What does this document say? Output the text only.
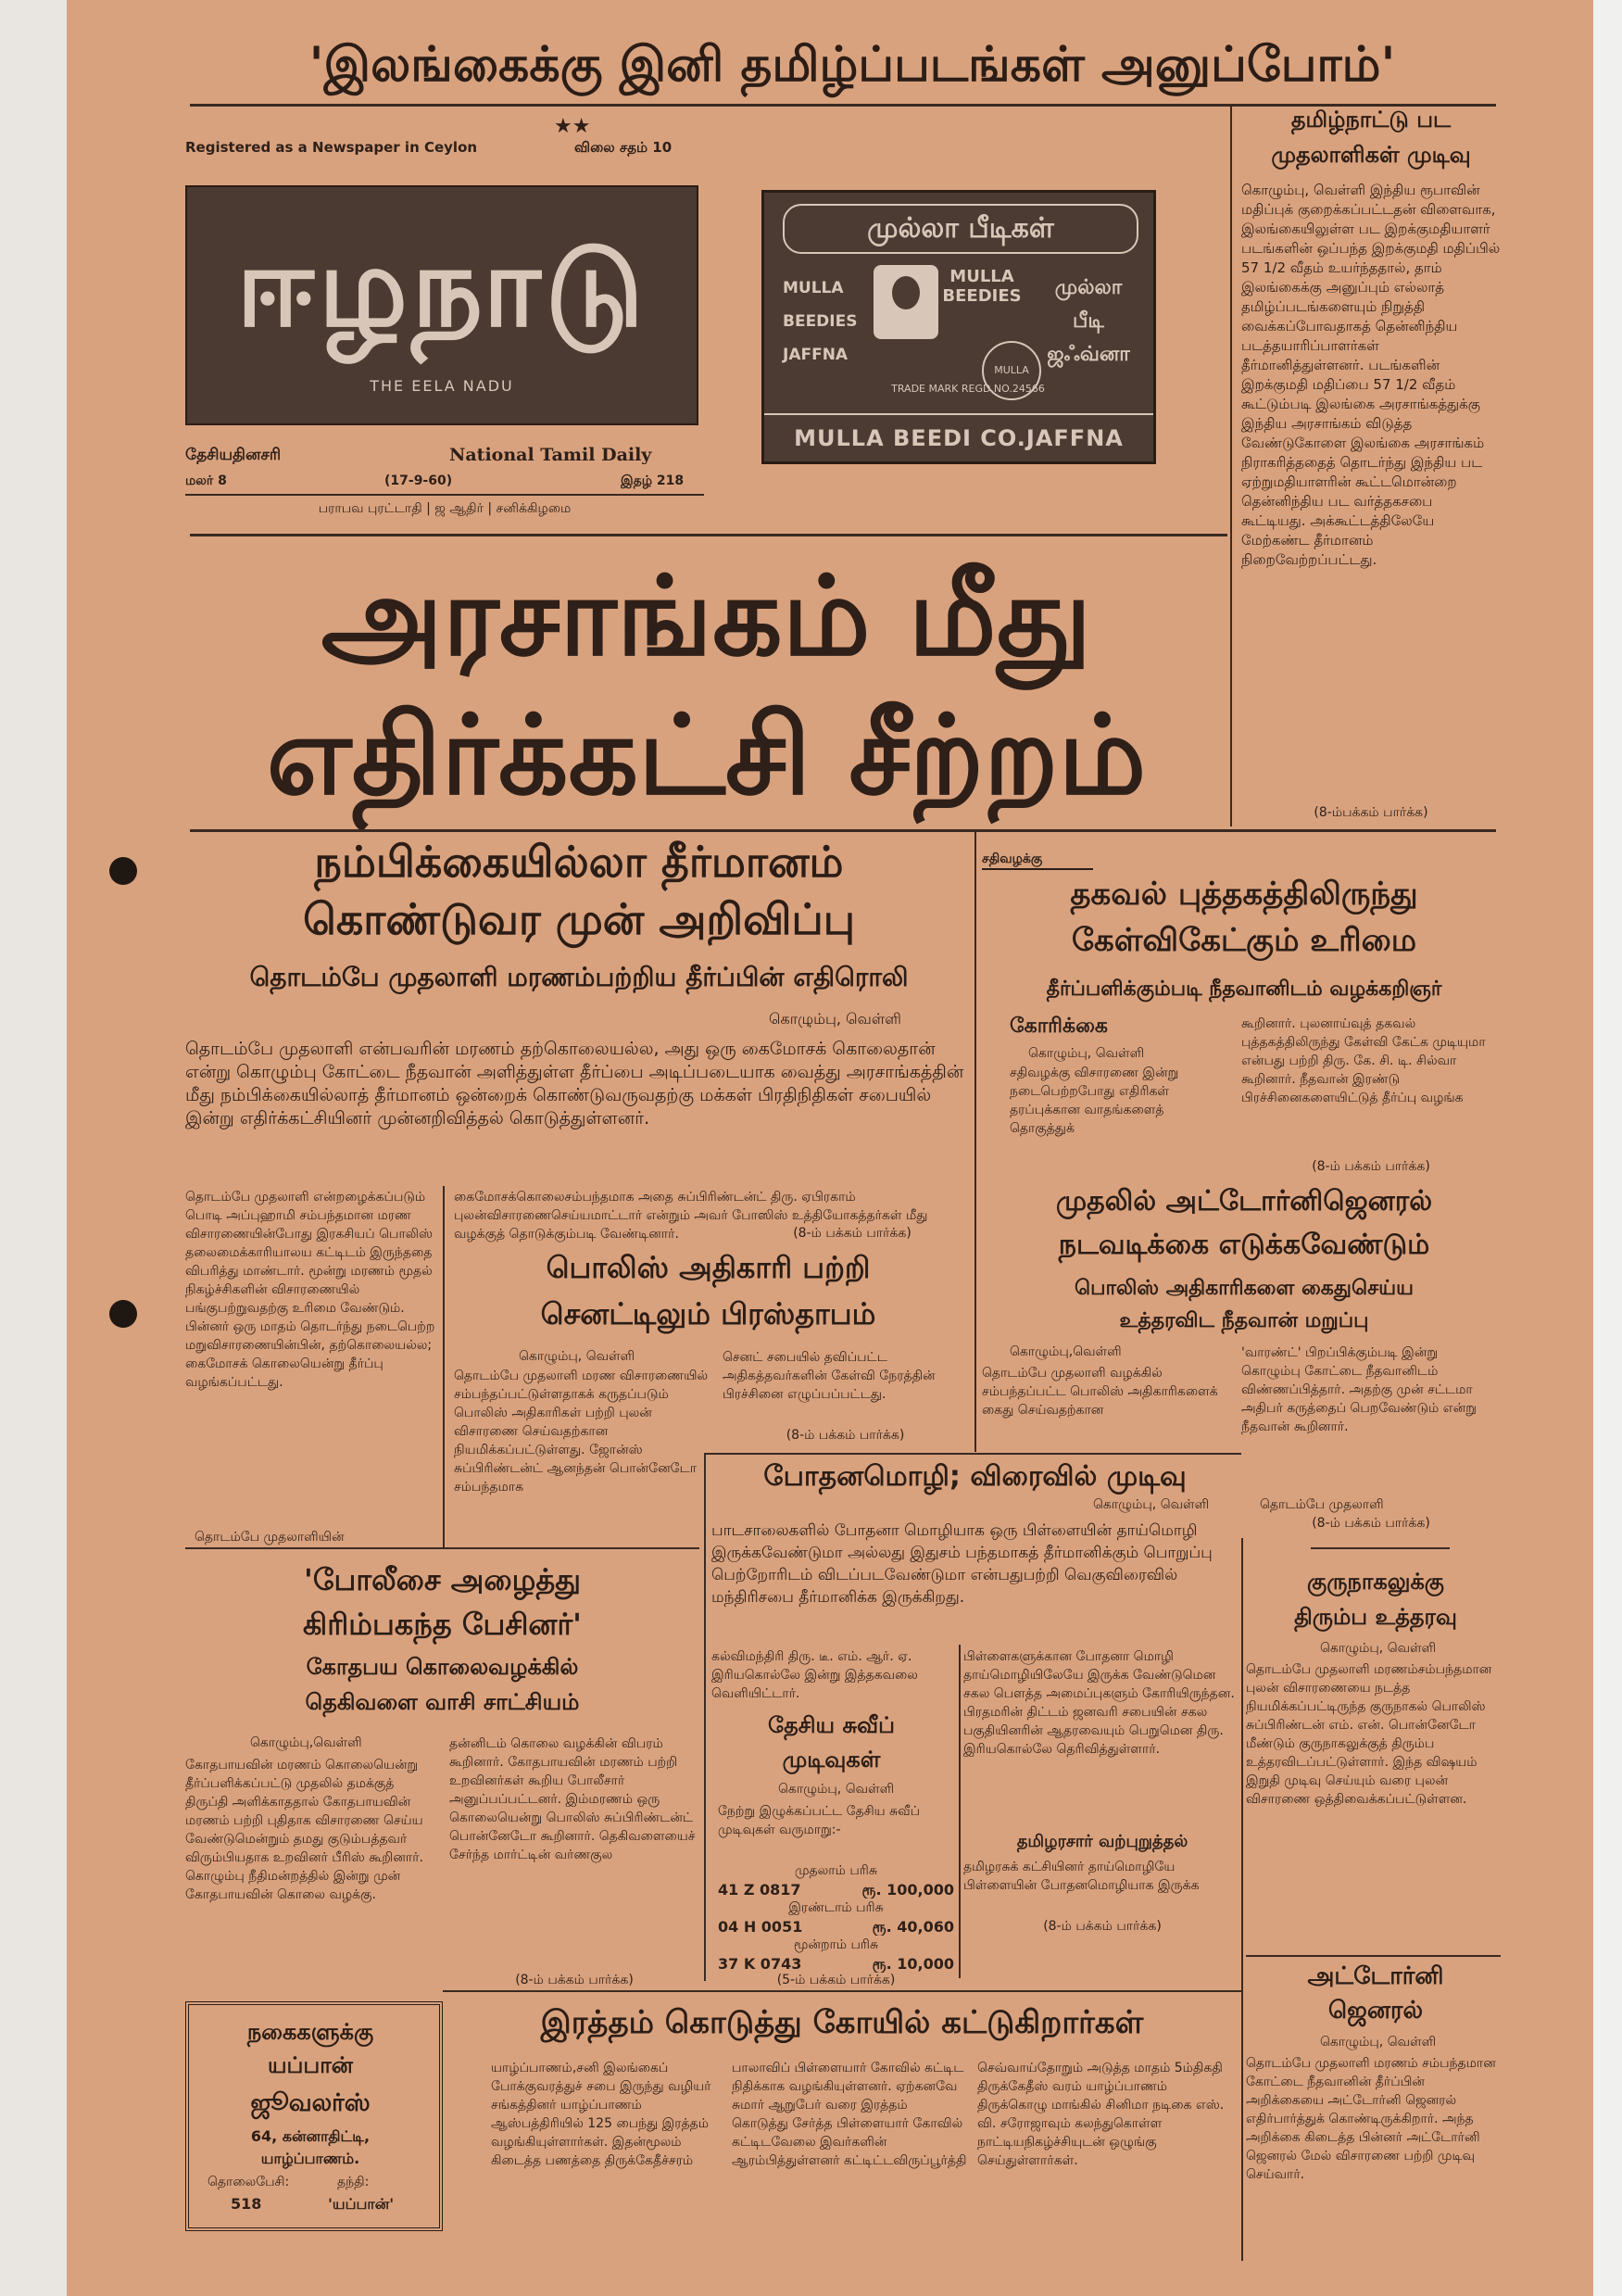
'இலங்கைக்கு இனி தமிழ்ப்படங்கள் அனுப்போம்'
Registered as a Newspaper in Ceylon
★★
விலை சதம் 10
ஈழநாடு
THE EELA NADU
தேசியதினசரி	National Tamil Daily
மலர் 8	(17-9-60)	இதழ் 218
பராபவ புரட்டாதி | ஜ ஆதிர் | சனிக்கிழமை
முல்லா பீடிகள்
MULLA
BEEDIES
JAFFNA
MULLA BEEDIES
MULLA
TRADE MARK REGD.NO.24566
முல்லா
பீடி
ஜஃவ்னா
MULLA BEEDI CO.JAFFNA
தமிழ்நாட்டு பட
முதலாளிகள் முடிவு
கொழும்பு, வெள்ளி இந்திய ரூபாவின் மதிப்புக் குறைக்கப்பட்டதன் விளைவாக, இலங்கையிலுள்ள பட இறக்குமதியாளர் படங்களின் ஒப்பந்த இறக்குமதி மதிப்பில் 57 1/2 வீதம் உயர்ந்ததால், தாம் இலங்கைக்கு அனுப்பும் எல்லாத் தமிழ்ப்படங்களையும் நிறுத்தி வைக்கப்போவதாகத் தென்னிந்திய படத்தயாரிப்பாளர்கள் தீர்மானித்துள்ளனர். படங்களின் இறக்குமதி மதிப்பை 57 1/2 வீதம் கூட்டும்படி இலங்கை அரசாங்கத்துக்கு இந்திய அரசாங்கம் விடுத்த வேண்டுகோளை இலங்கை அரசாங்கம் நிராகரித்ததைத் தொடர்ந்து இந்திய பட ஏற்றுமதியாளரின் கூட்டமொன்றை தென்னிந்திய பட வர்த்தகசபை கூட்டியது. அக்கூட்டத்திலேயே மேற்கண்ட தீர்மானம் நிறைவேற்றப்பட்டது.
(8-ம்பக்கம் பார்க்க)
அரசாங்கம் மீது
எதிர்க்கட்சி சீற்றம்
நம்பிக்கையில்லா தீர்மானம்
கொண்டுவர முன் அறிவிப்பு
தொடம்பே முதலாளி மரணம்பற்றிய தீர்ப்பின் எதிரொலி
கொழும்பு, வெள்ளி
தொடம்பே முதலாளி என்பவரின் மரணம் தற்கொலையல்ல, அது ஒரு கைமோசக் கொலைதான் என்று கொழும்பு கோட்டை நீதவான் அளித்துள்ள தீர்ப்பை அடிப்படையாக வைத்து அரசாங்கத்தின் மீது நம்பிக்கையில்லாத் தீர்மானம் ஒன்றைக் கொண்டுவருவதற்கு மக்கள் பிரதிநிதிகள் சபையில் இன்று எதிர்க்கட்சியினர் முன்னறிவித்தல் கொடுத்துள்ளனர்.
தொடம்பே முதலாளி என்றழைக்கப்படும் பொடி அப்புஹாமி சம்பந்தமான மரண விசாரணையின்போது இரகசியப் பொலிஸ் தலைமைக்காரியாலய கட்டிடம் இருந்ததை விபரித்து மாண்டார். மூன்று மரணம் மூதல் நிகழ்ச்சிகளின் விசாரணையில் பங்குபற்றுவதற்கு உரிமை வேண்டும். பின்னர் ஒரு மாதம் தொடர்ந்து நடைபெற்ற மறுவிசாரணையின்பின், தற்கொலையல்ல; கைமோசக் கொலையென்று தீர்ப்பு வழங்கப்பட்டது.
தொடம்பே முதலாளியின்
கைமோசக்கொலைசம்பந்தமாக அதை சுப்பிரிண்டன்ட் திரு. ஏபிரகாம் புலன்விசாரணைசெய்யமாட்டார் என்றும் அவர் போஸிஸ் உத்தியோகத்தர்கள் மீது வழக்குத் தொடுக்கும்படி வேண்டினார்.	(8-ம் பக்கம் பார்க்க)
பொலிஸ் அதிகாரி பற்றி
செனட்டிலும் பிரஸ்தாபம்
கொழும்பு, வெள்ளி
தொடம்பே முதலாளி மரண விசாரணையில் சம்பந்தப்பட்டுள்ளதாகக் கருதப்படும் பொலிஸ் அதிகாரிகள் பற்றி புலன் விசாரணை செய்வதற்கான நியமிக்கப்பட்டுள்ளது. ஜோன்ஸ் சுப்பிரிண்டன்ட் ஆனந்தன் பொன்னேடோ சம்பந்தமாக
செனட் சபையில் தவிப்பட்ட அதிகத்தவர்களின் கேள்வி நேரத்தின் பிரச்சினை எழுப்பப்பட்டது.
(8-ம் பக்கம் பார்க்க)
சதிவழக்கு
தகவல் புத்தகத்திலிருந்து
கேள்விகேட்கும் உரிமை
தீர்ப்பளிக்கும்படி நீதவானிடம் வழக்கறிஞர்
கோரிக்கை
கொழும்பு, வெள்ளி
சதிவழக்கு விசாரணை இன்று நடைபெற்றபோது எதிரிகள் தரப்புக்கான வாதங்களைத் தொகுத்துக்
கூறினார். புலனாய்வுத் தகவல் புத்தகத்திலிருந்து கேள்வி கேட்க முடியுமா என்பது பற்றி திரு. கே. சி. டி. சில்வா கூறினார். நீதவான் இரண்டு பிரச்சினைகளையிட்டுத் தீர்ப்பு வழங்க
(8-ம் பக்கம் பார்க்க)
முதலில் அட்டோர்னிஜெனரல்
நடவடிக்கை எடுக்கவேண்டும்
பொலிஸ் அதிகாரிகளை கைதுசெய்ய
உத்தரவிட நீதவான் மறுப்பு
கொழும்பு,வெள்ளி
தொடம்பே முதலாளி வழக்கில் சம்பந்தப்பட்ட பொலிஸ் அதிகாரிகளைக் கைது செய்வதற்கான
'வாரண்ட்' பிறப்பிக்கும்படி இன்று கொழும்பு கோட்டை நீதவானிடம் விண்ணப்பித்தார். அதற்கு முன் சட்டமா அதிபர் கருத்தைப் பெறவேண்டும் என்று நீதவான் கூறினார்.
தொடம்பே முதலாளி
(8-ம் பக்கம் பார்க்க)
போதனமொழி; விரைவில் முடிவு
கொழும்பு, வெள்ளி
பாடசாலைகளில் போதனா மொழியாக ஒரு பிள்ளையின் தாய்மொழி இருக்கவேண்டுமா அல்லது இதுசம் பந்தமாகத் தீர்மானிக்கும் பொறுப்பு பெற்றோரிடம் விடப்படவேண்டுமா என்பதுபற்றி வெகுவிரைவில் மந்திரிசபை தீர்மானிக்க இருக்கிறது.
கல்விமந்திரி திரு. டீ. எம். ஆர். ஏ. இரியகொல்லே இன்று இத்தகவலை வெளியிட்டார்.
பிள்ளைகளுக்கான போதனா மொழி தாய்மொழியிலேயே இருக்க வேண்டுமென சகல பௌத்த அமைப்புகளும் கோரியிருந்தன. பிரதமரின் திட்டம் ஜனவரி சபையின் சகல பகுதியினரின் ஆதரவையும் பெறுமென திரு. இரியகொல்லே தெரிவித்துள்ளார்.
தமிழரசார் வற்புறுத்தல்
தமிழரசுக் கட்சியினர் தாய்மொழியே பிள்ளையின் போதனமொழியாக இருக்க
(8-ம் பக்கம் பார்க்க)
தேசிய சுவீப்
முடிவுகள்
கொழும்பு, வெள்ளி
நேற்று இழுக்கப்பட்ட தேசிய சுவீப் முடிவுகள் வருமாறு:-
முதலாம் பரிசு
41 Z 0817	ரூ. 100,000
இரண்டாம் பரிசு
04 H 0051	ரூ. 40,060
மூன்றாம் பரிசு
37 K 0743	ரூ. 10,000
(5-ம் பக்கம் பார்க்க)
'போலீசை அழைத்து
கிரிம்பகந்த பேசினர்'
கோதபய கொலைவழக்கில்
தெகிவளை வாசி சாட்சியம்
கொழும்பு,வெள்ளி
கோதபாயவின் மரணம் கொலையென்று தீர்ப்பளிக்கப்பட்டு முதலில் தமக்குத் திருப்தி அளிக்காததால் கோதபாயவின் மரணம் பற்றி புதிதாக விசாரணை செய்ய வேண்டுமென்றும் தமது குடும்பத்தவர் விரும்பியதாக உறவினர் பீரிஸ் கூறினார். கொழும்பு நீதிமன்றத்தில் இன்று முன் கோதபாயவின் கொலை வழக்கு.
தன்னிடம் கொலை வழக்கின் விபரம் கூறினார். கோதபாயவின் மரணம் பற்றி உறவினர்கள் கூறிய போலீசார் அனுப்பப்பட்டனர். இம்மரணம் ஒரு கொலையென்று பொலிஸ் சுப்பிரிண்டன்ட் பொன்னேடோ கூறினார். தெகிவளையைச் சேர்ந்த மார்ட்டின் வர்ணகுல
(8-ம் பக்கம் பார்க்க)
குருநாகலுக்கு
திரும்ப உத்தரவு
கொழும்பு, வெள்ளி
தொடம்பே முதலாளி மரணம்சம்பந்தமான புலன் விசாரணையை நடத்த நியமிக்கப்பட்டிருந்த குருநாகல் பொலிஸ் சுப்பிரிண்டன் எம். என். பொன்னேடோ மீண்டும் குருநாகலுக்குத் திரும்ப உத்தரவிடப்பட்டுள்ளார். இந்த விஷயம் இறுதி முடிவு செய்யும் வரை புலன் விசாரணை ஒத்திவைக்கப்பட்டுள்ளன.
அட்டோர்னி
ஜெனரல்
கொழும்பு, வெள்ளி
தொடம்பே முதலாளி மரணம் சம்பந்தமான கோட்டை நீதவானின் தீர்ப்பின் அறிக்கையை அட்டோர்னி ஜெனரல் எதிர்பார்த்துக் கொண்டிருக்கிறார். அந்த அறிக்கை கிடைத்த பின்னர் அட்டோர்னி ஜெனரல் மேல் விசாரணை பற்றி முடிவு செய்வார்.
இரத்தம் கொடுத்து கோயில் கட்டுகிறார்கள்
யாழ்ப்பாணம்,சனி இலங்கைப் போக்குவரத்துச் சபை இருந்து வழியர் சங்கத்தினர் யாழ்ப்பாணம் ஆஸ்பத்திரியில் 125 பைந்து இரத்தம் வழங்கியுள்ளார்கள். இதன்மூலம் கிடைத்த பணத்தை திருக்கேதீச்சரம்
பாலாவிப் பிள்ளையார் கோவில் கட்டிட நிதிக்காக வழங்கியுள்ளனர். ஏற்கனவே சுமார் ஆறுபேர் வரை இரத்தம் கொடுத்து சேர்த்த பிள்ளையார் கோவில் கட்டிடவேலை இவர்களின் ஆரம்பித்துள்ளனர் கட்டிட்டவிருப்பூர்த்தி
செவ்வாய்தோறும் அடுத்த மாதம் 5ம்திகதி திருக்கேதீஸ் வரம் யாழ்ப்பாணம் திருக்கொழு மாங்கில் சினிமா நடிகை எஸ். வி. சரோஜாவும் கலந்துகொள்ள நாட்டியநிகழ்ச்சியுடன் ஒழுங்கு செய்துள்ளார்கள்.
நகைகளுக்கு
யப்பான்
ஜூவலர்ஸ்
64, கன்னாதிட்டி,
யாழ்ப்பாணம்.
தொலைபேசி:	தந்தி:
518	'யப்பான்'
